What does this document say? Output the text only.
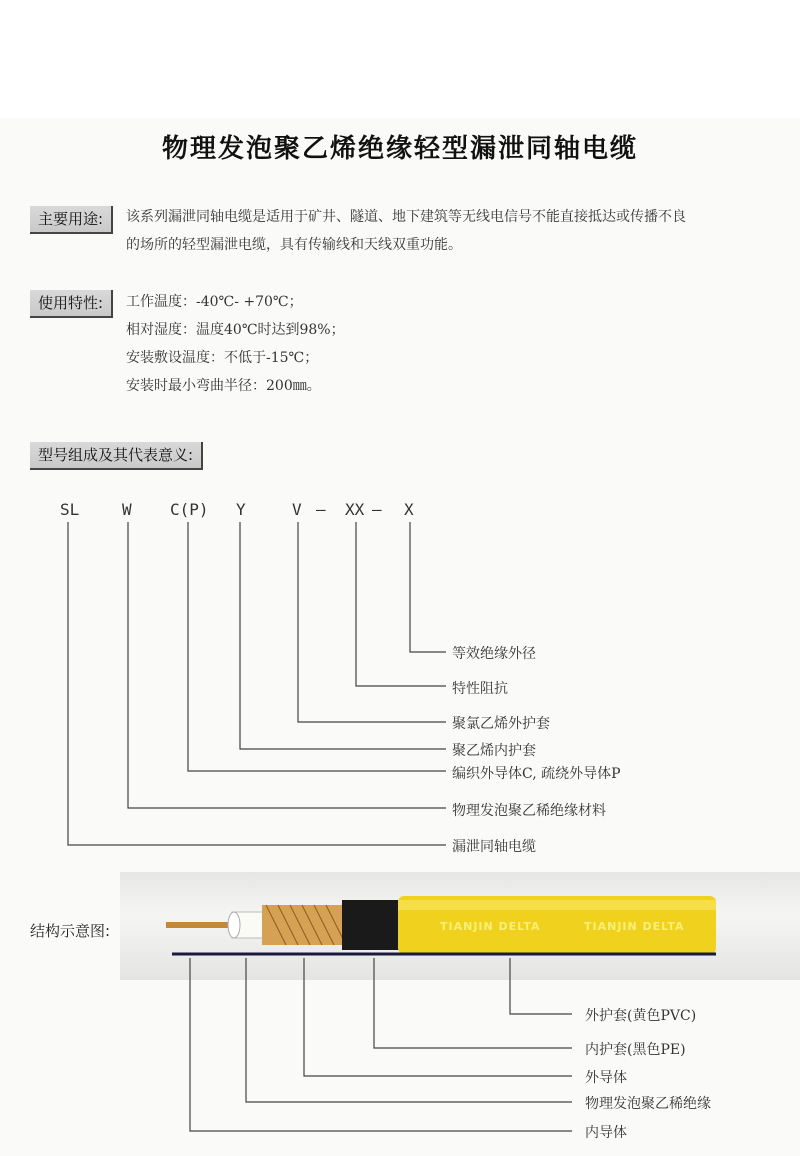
物理发泡聚乙烯绝缘轻型漏泄同轴电缆
主要用途:	该系列漏泄同轴电缆是适用于矿井、隧道、地下建筑等无线电信号不能直接抵达或传播不良
的场所的轻型漏泄电缆，具有传输线和天线双重功能。
使用特性:	工作温度：-40℃- +70℃；
相对湿度：温度40℃时达到98%；
安装敷设温度：不低于-15℃；
安装时最小弯曲半径：200㎜。
型号组成及其代表意义:
SL	W C(P) Y	V — XX — X
等效绝缘外径
特性阻抗
聚氯乙烯外护套
聚乙烯内护套
编织外导体C, 疏绕外导体P
物理发泡聚乙稀绝缘材料
漏泄同轴电缆
结构示意图:	TIANJIN DELTA	TIANJIN DELTA
外护套(黄色PVC)
内护套(黑色PE)
外导体
物理发泡聚乙稀绝缘
内导体
